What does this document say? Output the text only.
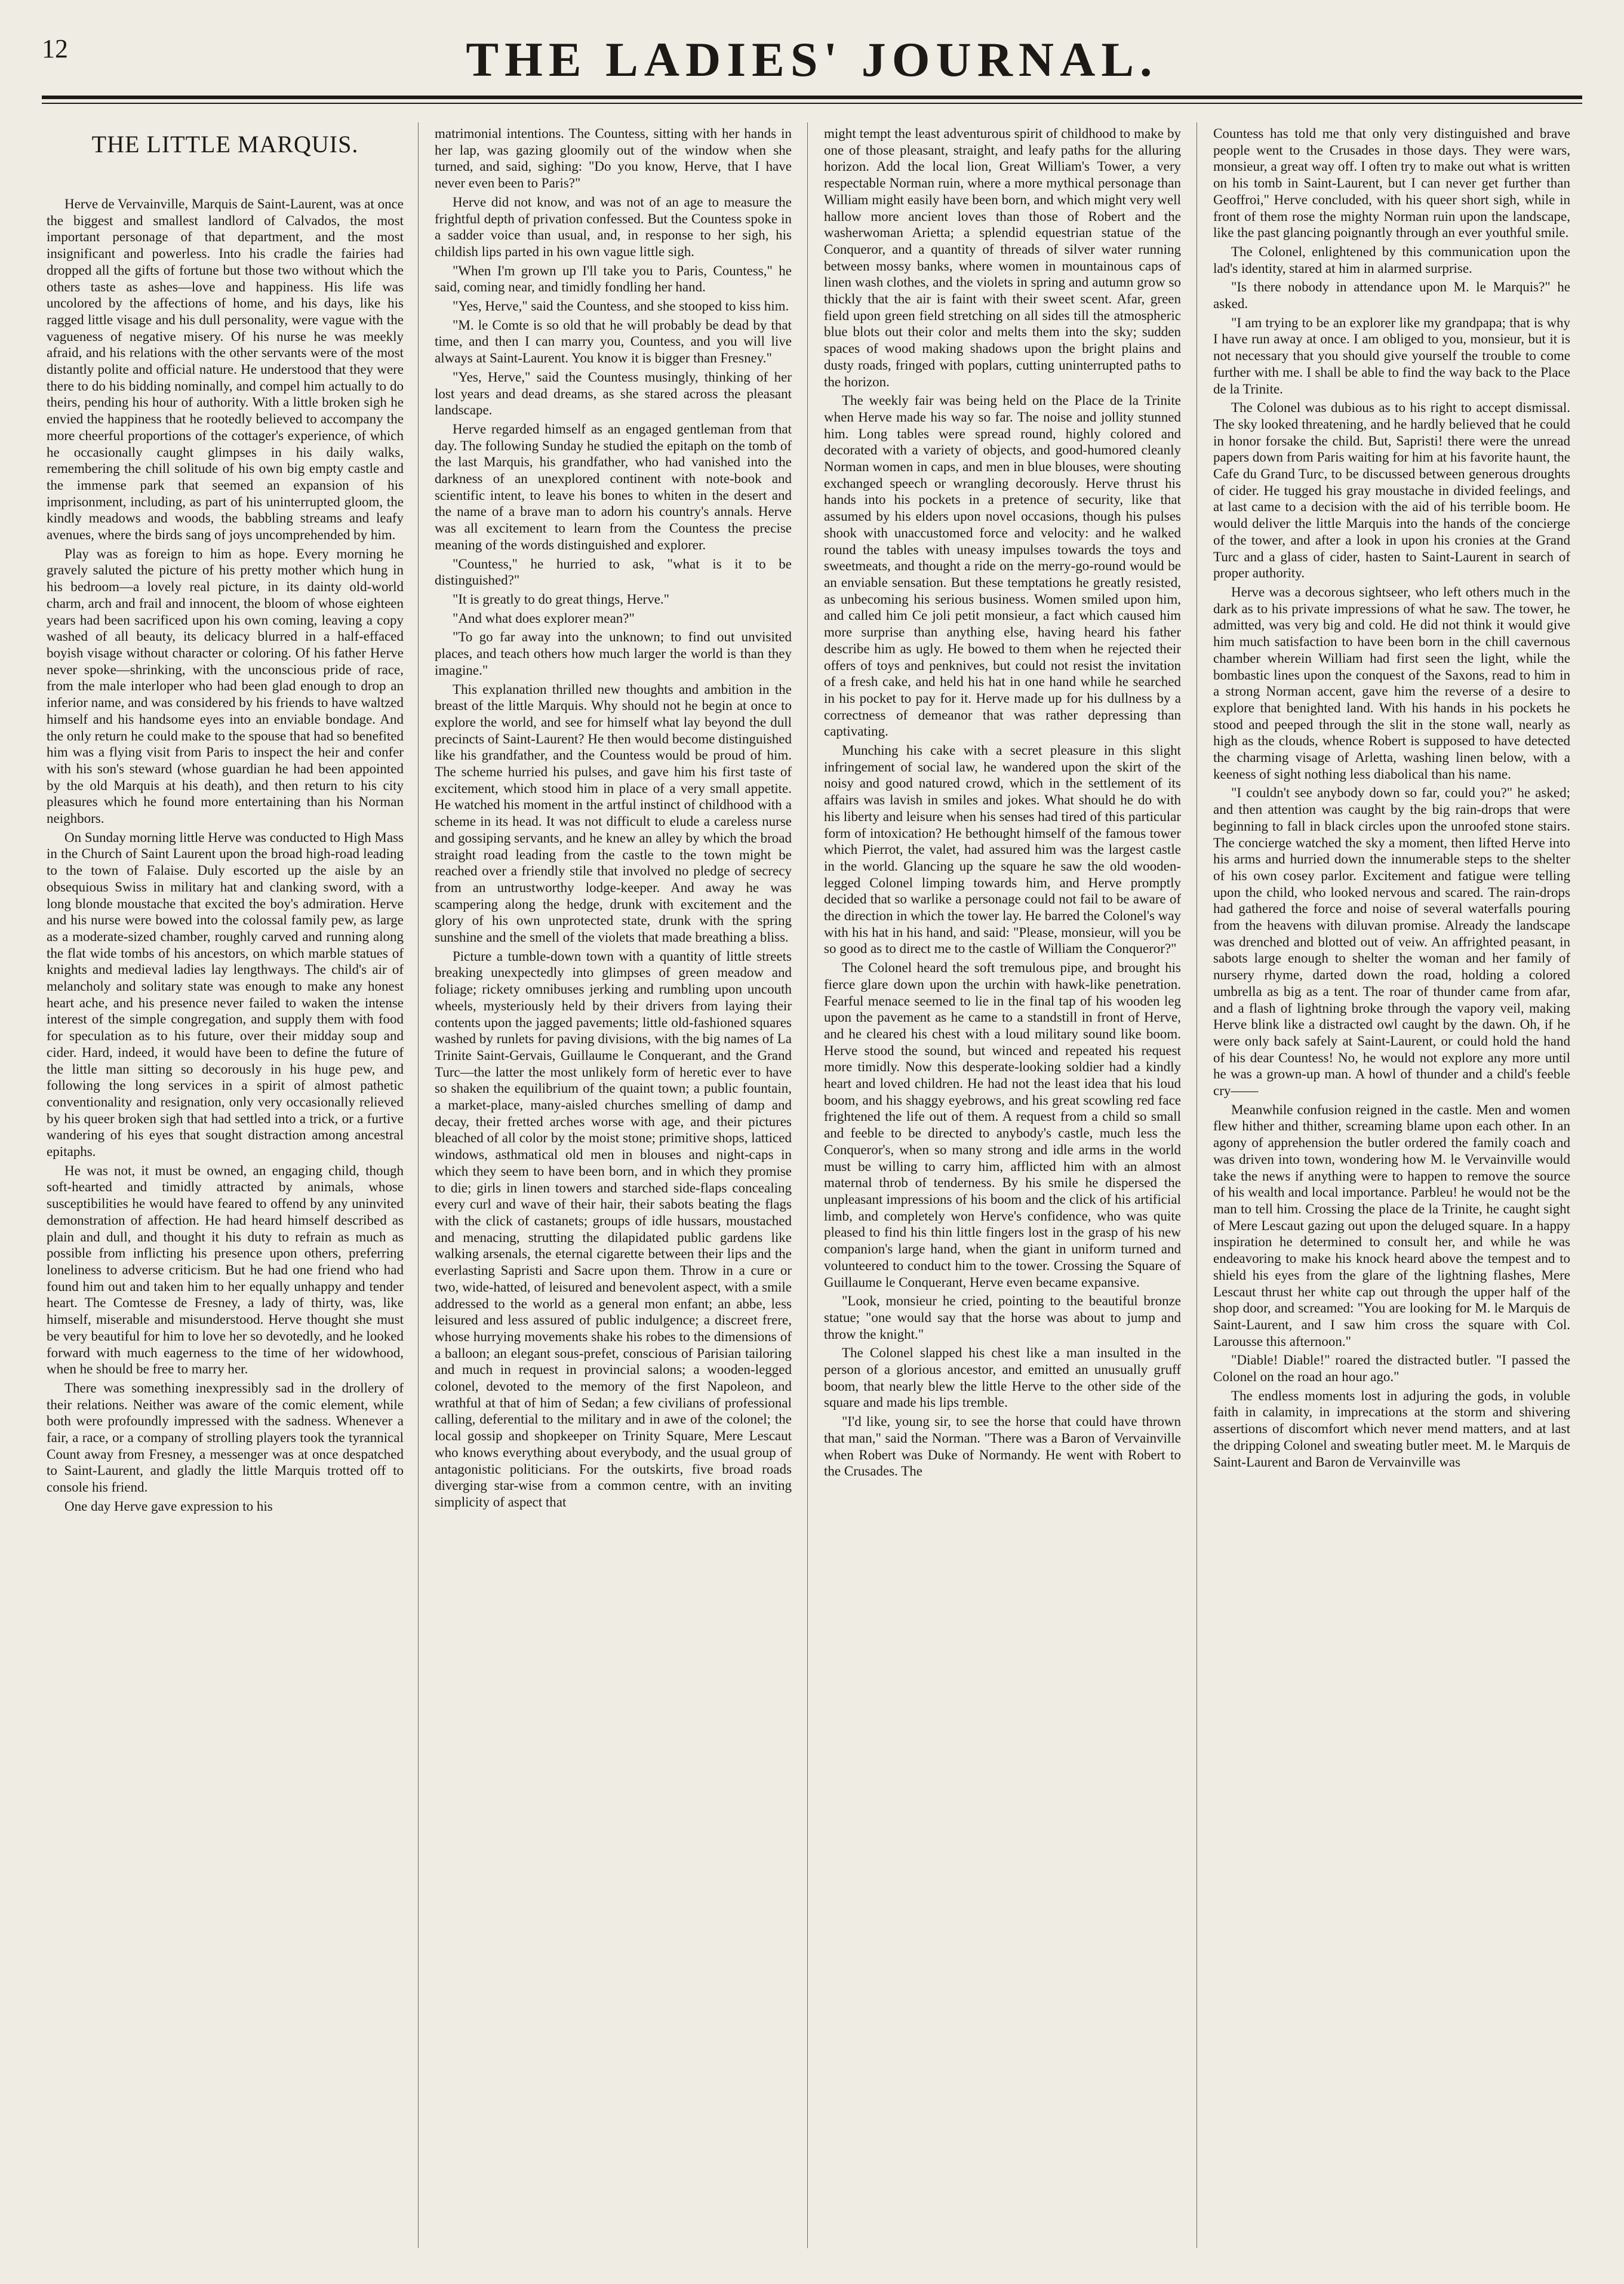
12	THE LADIES' JOURNAL.
THE LITTLE MARQUIS.

Herve de Vervainville, Marquis de Saint-Laurent, was at once the biggest and smallest landlord of Calvados, the most important personage of that department, and the most insignificant and powerless. Into his cradle the fairies had dropped all the gifts of fortune but those two without which the others taste as ashes—love and happiness. His life was uncolored by the affections of home, and his days, like his ragged little visage and his dull personality, were vague with the vagueness of negative misery. Of his nurse he was meekly afraid, and his relations with the other servants were of the most distantly polite and official nature. He understood that they were there to do his bidding nominally, and compel him actually to do theirs, pending his hour of authority. With a little broken sigh he envied the happiness that he rootedly believed to accompany the more cheerful proportions of the cottager's experience, of which he occasionally caught glimpses in his daily walks, remembering the chill solitude of his own big empty castle and the immense park that seemed an expansion of his imprisonment, including, as part of his uninterrupted gloom, the kindly meadows and woods, the babbling streams and leafy avenues, where the birds sang of joys uncomprehended by him.

Play was as foreign to him as hope. Every morning he gravely saluted the picture of his pretty mother which hung in his bedroom—a lovely real picture, in its dainty old-world charm, arch and frail and innocent, the bloom of whose eighteen years had been sacrificed upon his own coming, leaving a copy washed of all beauty, its delicacy blurred in a half-effaced boyish visage without character or coloring. Of his father Herve never spoke—shrinking, with the unconscious pride of race, from the male interloper who had been glad enough to drop an inferior name, and was considered by his friends to have waltzed himself and his handsome eyes into an enviable bondage. And the only return he could make to the spouse that had so benefited him was a flying visit from Paris to inspect the heir and confer with his son's steward (whose guardian he had been appointed by the old Marquis at his death), and then return to his city pleasures which he found more entertaining than his Norman neighbors.

On Sunday morning little Herve was conducted to High Mass in the Church of Saint Laurent upon the broad high-road leading to the town of Falaise. Duly escorted up the aisle by an obsequious Swiss in military hat and clanking sword, with a long blonde moustache that excited the boy's admiration. Herve and his nurse were bowed into the colossal family pew, as large as a moderate-sized chamber, roughly carved and running along the flat wide tombs of his ancestors, on which marble statues of knights and medieval ladies lay lengthways. The child's air of melancholy and solitary state was enough to make any honest heart ache, and his presence never failed to waken the intense interest of the simple congregation, and supply them with food for speculation as to his future, over their midday soup and cider. Hard, indeed, it would have been to define the future of the little man sitting so decorously in his huge pew, and following the long services in a spirit of almost pathetic conventionality and resignation, only very occasionally relieved by his queer broken sigh that had settled into a trick, or a furtive wandering of his eyes that sought distraction among ancestral epitaphs.

He was not, it must be owned, an engaging child, though soft-hearted and timidly attracted by animals, whose susceptibilities he would have feared to offend by any uninvited demonstration of affection. He had heard himself described as plain and dull, and thought it his duty to refrain as much as possible from inflicting his presence upon others, preferring loneliness to adverse criticism. But he had one friend who had found him out and taken him to her equally unhappy and tender heart. The Comtesse de Fresney, a lady of thirty, was, like himself, miserable and misunderstood. Herve thought she must be very beautiful for him to love her so devotedly, and he looked forward with much eagerness to the time of her widowhood, when he should be free to marry her.

There was something inexpressibly sad in the drollery of their relations. Neither was aware of the comic element, while both were profoundly impressed with the sadness. Whenever a fair, a race, or a company of strolling players took the tyrannical Count away from Fresney, a messenger was at once despatched to Saint-Laurent, and gladly the little Marquis trotted off to console his friend.

One day Herve gave expression to his

matrimonial intentions. The Countess, sitting with her hands in her lap, was gazing gloomily out of the window when she turned, and said, sighing: "Do you know, Herve, that I have never even been to Paris?"

Herve did not know, and was not of an age to measure the frightful depth of privation confessed. But the Countess spoke in a sadder voice than usual, and, in response to her sigh, his childish lips parted in his own vague little sigh.

"When I'm grown up I'll take you to Paris, Countess," he said, coming near, and timidly fondling her hand.

"Yes, Herve," said the Countess, and she stooped to kiss him.

"M. le Comte is so old that he will probably be dead by that time, and then I can marry you, Countess, and you will live always at Saint-Laurent. You know it is bigger than Fresney."

"Yes, Herve," said the Countess musingly, thinking of her lost years and dead dreams, as she stared across the pleasant landscape.

Herve regarded himself as an engaged gentleman from that day. The following Sunday he studied the epitaph on the tomb of the last Marquis, his grandfather, who had vanished into the darkness of an unexplored continent with note-book and scientific intent, to leave his bones to whiten in the desert and the name of a brave man to adorn his country's annals. Herve was all excitement to learn from the Countess the precise meaning of the words distinguished and explorer.

"Countess," he hurried to ask, "what is it to be distinguished?"

"It is greatly to do great things, Herve."

"And what does explorer mean?"

"To go far away into the unknown; to find out unvisited places, and teach others how much larger the world is than they imagine."

This explanation thrilled new thoughts and ambition in the breast of the little Marquis. Why should not he begin at once to explore the world, and see for himself what lay beyond the dull precincts of Saint-Laurent? He then would become distinguished like his grandfather, and the Countess would be proud of him. The scheme hurried his pulses, and gave him his first taste of excitement, which stood him in place of a very small appetite. He watched his moment in the artful instinct of childhood with a scheme in its head. It was not difficult to elude a careless nurse and gossiping servants, and he knew an alley by which the broad straight road leading from the castle to the town might be reached over a friendly stile that involved no pledge of secrecy from an untrustworthy lodge-keeper. And away he was scampering along the hedge, drunk with excitement and the glory of his own unprotected state, drunk with the spring sunshine and the smell of the violets that made breathing a bliss.

Picture a tumble-down town with a quantity of little streets breaking unexpectedly into glimpses of green meadow and foliage; rickety omnibuses jerking and rumbling upon uncouth wheels, mysteriously held by their drivers from laying their contents upon the jagged pavements; little old-fashioned squares washed by runlets for paving divisions, with the big names of La Trinite Saint-Gervais, Guillaume le Conquerant, and the Grand Turc—the latter the most unlikely form of heretic ever to have so shaken the equilibrium of the quaint town; a public fountain, a market-place, many-aisled churches smelling of damp and decay, their fretted arches worse with age, and their pictures bleached of all color by the moist stone; primitive shops, latticed windows, asthmatical old men in blouses and night-caps in which they seem to have been born, and in which they promise to die; girls in linen towers and starched side-flaps concealing every curl and wave of their hair, their sabots beating the flags with the click of castanets; groups of idle hussars, moustached and menacing, strutting the dilapidated public gardens like walking arsenals, the eternal cigarette between their lips and the everlasting Sapristi and Sacre upon them. Throw in a cure or two, wide-hatted, of leisured and benevolent aspect, with a smile addressed to the world as a general mon enfant; an abbe, less leisured and less assured of public indulgence; a discreet frere, whose hurrying movements shake his robes to the dimensions of a balloon; an elegant sous-prefet, conscious of Parisian tailoring and much in request in provincial salons; a wooden-legged colonel, devoted to the memory of the first Napoleon, and wrathful at that of him of Sedan; a few civilians of professional calling, deferential to the military and in awe of the colonel; the local gossip and shopkeeper on Trinity Square, Mere Lescaut who knows everything about everybody, and the usual group of antagonistic politicians. For the outskirts, five broad roads diverging star-wise from a common centre, with an inviting simplicity of aspect that

might tempt the least adventurous spirit of childhood to make by one of those pleasant, straight, and leafy paths for the alluring horizon. Add the local lion, Great William's Tower, a very respectable Norman ruin, where a more mythical personage than William might easily have been born, and which might very well hallow more ancient loves than those of Robert and the washerwoman Arietta; a splendid equestrian statue of the Conqueror, and a quantity of threads of silver water running between mossy banks, where women in mountainous caps of linen wash clothes, and the violets in spring and autumn grow so thickly that the air is faint with their sweet scent. Afar, green field upon green field stretching on all sides till the atmospheric blue blots out their color and melts them into the sky; sudden spaces of wood making shadows upon the bright plains and dusty roads, fringed with poplars, cutting uninterrupted paths to the horizon.

The weekly fair was being held on the Place de la Trinite when Herve made his way so far. The noise and jollity stunned him. Long tables were spread round, highly colored and decorated with a variety of objects, and good-humored cleanly Norman women in caps, and men in blue blouses, were shouting exchanged speech or wrangling decorously. Herve thrust his hands into his pockets in a pretence of security, like that assumed by his elders upon novel occasions, though his pulses shook with unaccustomed force and velocity: and he walked round the tables with uneasy impulses towards the toys and sweetmeats, and thought a ride on the merry-go-round would be an enviable sensation. But these temptations he greatly resisted, as unbecoming his serious business. Women smiled upon him, and called him Ce joli petit monsieur, a fact which caused him more surprise than anything else, having heard his father describe him as ugly. He bowed to them when he rejected their offers of toys and penknives, but could not resist the invitation of a fresh cake, and held his hat in one hand while he searched in his pocket to pay for it. Herve made up for his dullness by a correctness of demeanor that was rather depressing than captivating.

Munching his cake with a secret pleasure in this slight infringement of social law, he wandered upon the skirt of the noisy and good natured crowd, which in the settlement of its affairs was lavish in smiles and jokes. What should he do with his liberty and leisure when his senses had tired of this particular form of intoxication? He bethought himself of the famous tower which Pierrot, the valet, had assured him was the largest castle in the world. Glancing up the square he saw the old wooden-legged Colonel limping towards him, and Herve promptly decided that so warlike a personage could not fail to be aware of the direction in which the tower lay. He barred the Colonel's way with his hat in his hand, and said: "Please, monsieur, will you be so good as to direct me to the castle of William the Conqueror?"

The Colonel heard the soft tremulous pipe, and brought his fierce glare down upon the urchin with hawk-like penetration. Fearful menace seemed to lie in the final tap of his wooden leg upon the pavement as he came to a standstill in front of Herve, and he cleared his chest with a loud military sound like boom. Herve stood the sound, but winced and repeated his request more timidly. Now this desperate-looking soldier had a kindly heart and loved children. He had not the least idea that his loud boom, and his shaggy eyebrows, and his great scowling red face frightened the life out of them. A request from a child so small and feeble to be directed to anybody's castle, much less the Conqueror's, when so many strong and idle arms in the world must be willing to carry him, afflicted him with an almost maternal throb of tenderness. By his smile he dispersed the unpleasant impressions of his boom and the click of his artificial limb, and completely won Herve's confidence, who was quite pleased to find his thin little fingers lost in the grasp of his new companion's large hand, when the giant in uniform turned and volunteered to conduct him to the tower. Crossing the Square of Guillaume le Conquerant, Herve even became expansive.

"Look, monsieur he cried, pointing to the beautiful bronze statue; "one would say that the horse was about to jump and throw the knight."

The Colonel slapped his chest like a man insulted in the person of a glorious ancestor, and emitted an unusually gruff boom, that nearly blew the little Herve to the other side of the square and made his lips tremble.

"I'd like, young sir, to see the horse that could have thrown that man," said the Norman. "There was a Baron of Vervainville when Robert was Duke of Normandy. He went with Robert to the Crusades. The

Countess has told me that only very distinguished and brave people went to the Crusades in those days. They were wars, monsieur, a great way off. I often try to make out what is written on his tomb in Saint-Laurent, but I can never get further than Geoffroi," Herve concluded, with his queer short sigh, while in front of them rose the mighty Norman ruin upon the landscape, like the past glancing poignantly through an ever youthful smile.

The Colonel, enlightened by this communication upon the lad's identity, stared at him in alarmed surprise.

"Is there nobody in attendance upon M. le Marquis?" he asked.

"I am trying to be an explorer like my grandpapa; that is why I have run away at once. I am obliged to you, monsieur, but it is not necessary that you should give yourself the trouble to come further with me. I shall be able to find the way back to the Place de la Trinite.

The Colonel was dubious as to his right to accept dismissal. The sky looked threatening, and he hardly believed that he could in honor forsake the child. But, Sapristi! there were the unread papers down from Paris waiting for him at his favorite haunt, the Cafe du Grand Turc, to be discussed between generous droughts of cider. He tugged his gray moustache in divided feelings, and at last came to a decision with the aid of his terrible boom. He would deliver the little Marquis into the hands of the concierge of the tower, and after a look in upon his cronies at the Grand Turc and a glass of cider, hasten to Saint-Laurent in search of proper authority.

Herve was a decorous sightseer, who left others much in the dark as to his private impressions of what he saw. The tower, he admitted, was very big and cold. He did not think it would give him much satisfaction to have been born in the chill cavernous chamber wherein William had first seen the light, while the bombastic lines upon the conquest of the Saxons, read to him in a strong Norman accent, gave him the reverse of a desire to explore that benighted land. With his hands in his pockets he stood and peeped through the slit in the stone wall, nearly as high as the clouds, whence Robert is supposed to have detected the charming visage of Arletta, washing linen below, with a keeness of sight nothing less diabolical than his name.

"I couldn't see anybody down so far, could you?" he asked; and then attention was caught by the big rain-drops that were beginning to fall in black circles upon the unroofed stone stairs. The concierge watched the sky a moment, then lifted Herve into his arms and hurried down the innumerable steps to the shelter of his own cosey parlor. Excitement and fatigue were telling upon the child, who looked nervous and scared. The rain-drops had gathered the force and noise of several waterfalls pouring from the heavens with diluvan promise. Already the landscape was drenched and blotted out of veiw. An affrighted peasant, in sabots large enough to shelter the woman and her family of nursery rhyme, darted down the road, holding a colored umbrella as big as a tent. The roar of thunder came from afar, and a flash of lightning broke through the vapory veil, making Herve blink like a distracted owl caught by the dawn. Oh, if he were only back safely at Saint-Laurent, or could hold the hand of his dear Countess! No, he would not explore any more until he was a grown-up man. A howl of thunder and a child's feeble cry——

Meanwhile confusion reigned in the castle. Men and women flew hither and thither, screaming blame upon each other. In an agony of apprehension the butler ordered the family coach and was driven into town, wondering how M. le Vervainville would take the news if anything were to happen to remove the source of his wealth and local importance. Parbleu! he would not be the man to tell him. Crossing the place de la Trinite, he caught sight of Mere Lescaut gazing out upon the deluged square. In a happy inspiration he determined to consult her, and while he was endeavoring to make his knock heard above the tempest and to shield his eyes from the glare of the lightning flashes, Mere Lescaut thrust her white cap out through the upper half of the shop door, and screamed: "You are looking for M. le Marquis de Saint-Laurent, and I saw him cross the square with Col. Larousse this afternoon."

"Diable! Diable!" roared the distracted butler. "I passed the Colonel on the road an hour ago."

The endless moments lost in adjuring the gods, in voluble faith in calamity, in imprecations at the storm and shivering assertions of discomfort which never mend matters, and at last the dripping Colonel and sweating butler meet. M. le Marquis de Saint-Laurent and Baron de Vervainville was
